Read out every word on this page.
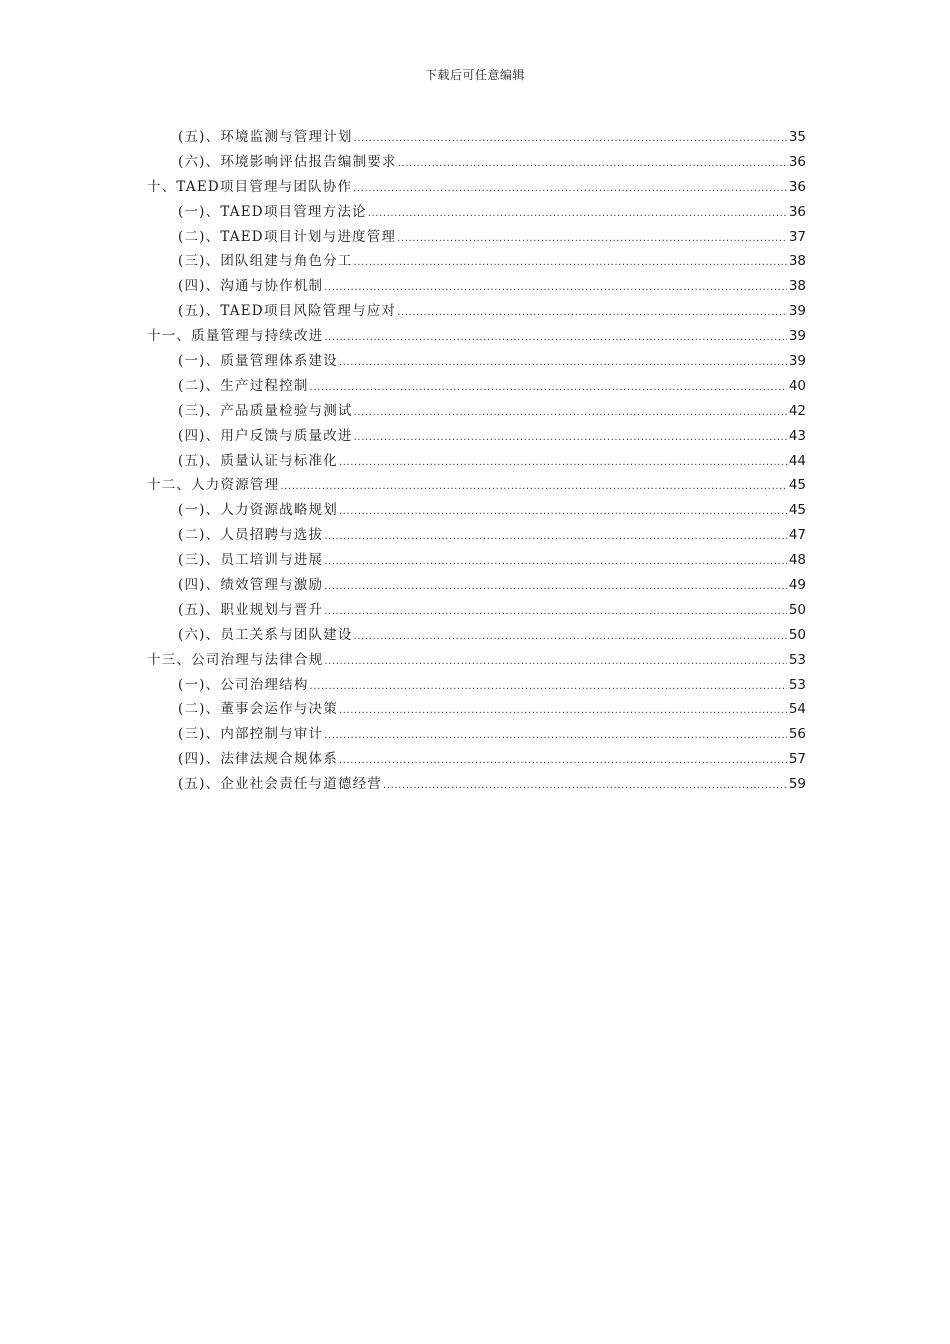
下载后可任意编辑
(五)、环境监测与管理计划 .....	35
(六)、环境影响评估报告编制要求 .....	36
十、TAED项目管理与团队协作 .....	36
(一)、TAED项目管理方法论 .....	36
(二)、TAED项目计划与进度管理 .....	37
(三)、团队组建与角色分工 .....	38
(四)、沟通与协作机制 .....	38
(五)、TAED项目风险管理与应对 .....	39
十一、质量管理与持续改进 .....	39
(一)、质量管理体系建设 .....	39
(二)、生产过程控制 .....	40
(三)、产品质量检验与测试 .....	42
(四)、用户反馈与质量改进 .....	43
(五)、质量认证与标准化 .....	44
十二、人力资源管理 .....	45
(一)、人力资源战略规划 .....	45
(二)、人员招聘与选拔 .....	47
(三)、员工培训与进展 .....	48
(四)、绩效管理与激励 .....	49
(五)、职业规划与晋升 .....	50
(六)、员工关系与团队建设 .....	50
十三、公司治理与法律合规 .....	53
(一)、公司治理结构 .....	53
(二)、董事会运作与决策 .....	54
(三)、内部控制与审计 .....	56
(四)、法律法规合规体系 .....	57
(五)、企业社会责任与道德经营 .....	59
